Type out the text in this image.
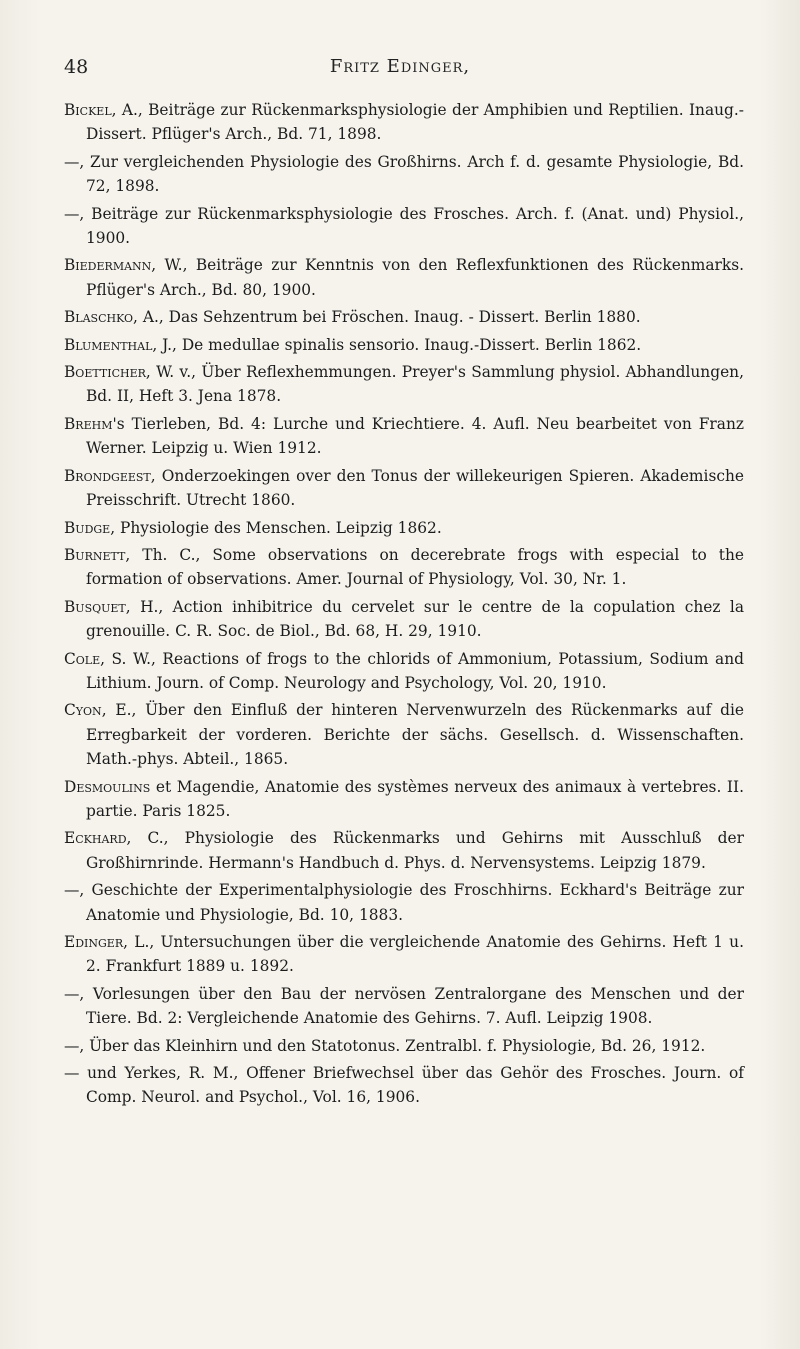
48	Fritz Edinger,

Bickel, A., Beiträge zur Rückenmarksphysiologie der Amphibien und Reptilien. Inaug.-Dissert. Pflüger's Arch., Bd. 71, 1898.

—, Zur vergleichenden Physiologie des Großhirns. Arch f. d. gesamte Physiologie, Bd. 72, 1898.

—, Beiträge zur Rückenmarksphysiologie des Frosches. Arch. f. (Anat. und) Physiol., 1900.

Biedermann, W., Beiträge zur Kenntnis von den Reflexfunktionen des Rückenmarks. Pflüger's Arch., Bd. 80, 1900.

Blaschko, A., Das Sehzentrum bei Fröschen. Inaug. - Dissert. Berlin 1880.

Blumenthal, J., De medullae spinalis sensorio. Inaug.-Dissert. Berlin 1862.

Boetticher, W. v., Über Reflexhemmungen. Preyer's Sammlung physiol. Abhandlungen, Bd. II, Heft 3. Jena 1878.

Brehm's Tierleben, Bd. 4: Lurche und Kriechtiere. 4. Aufl. Neu bearbeitet von Franz Werner. Leipzig u. Wien 1912.

Brondgeest, Onderzoekingen over den Tonus der willekeurigen Spieren. Akademische Preisschrift. Utrecht 1860.

Budge, Physiologie des Menschen. Leipzig 1862.

Burnett, Th. C., Some observations on decerebrate frogs with especial to the formation of observations. Amer. Journal of Physiology, Vol. 30, Nr. 1.

Busquet, H., Action inhibitrice du cervelet sur le centre de la copulation chez la grenouille. C. R. Soc. de Biol., Bd. 68, H. 29, 1910.

Cole, S. W., Reactions of frogs to the chlorids of Ammonium, Potassium, Sodium and Lithium. Journ. of Comp. Neurology and Psychology, Vol. 20, 1910.

Cyon, E., Über den Einfluß der hinteren Nervenwurzeln des Rückenmarks auf die Erregbarkeit der vorderen. Berichte der sächs. Gesellsch. d. Wissenschaften. Math.-phys. Abteil., 1865.

Desmoulins et Magendie, Anatomie des systèmes nerveux des animaux à vertebres. II. partie. Paris 1825.

Eckhard, C., Physiologie des Rückenmarks und Gehirns mit Ausschluß der Großhirnrinde. Hermann's Handbuch d. Phys. d. Nervensystems. Leipzig 1879.

—, Geschichte der Experimentalphysiologie des Froschhirns. Eckhard's Beiträge zur Anatomie und Physiologie, Bd. 10, 1883.

Edinger, L., Untersuchungen über die vergleichende Anatomie des Gehirns. Heft 1 u. 2. Frankfurt 1889 u. 1892.

—, Vorlesungen über den Bau der nervösen Zentralorgane des Menschen und der Tiere. Bd. 2: Vergleichende Anatomie des Gehirns. 7. Aufl. Leipzig 1908.

—, Über das Kleinhirn und den Statotonus. Zentralbl. f. Physiologie, Bd. 26, 1912.

— und Yerkes, R. M., Offener Briefwechsel über das Gehör des Frosches. Journ. of Comp. Neurol. and Psychol., Vol. 16, 1906.
